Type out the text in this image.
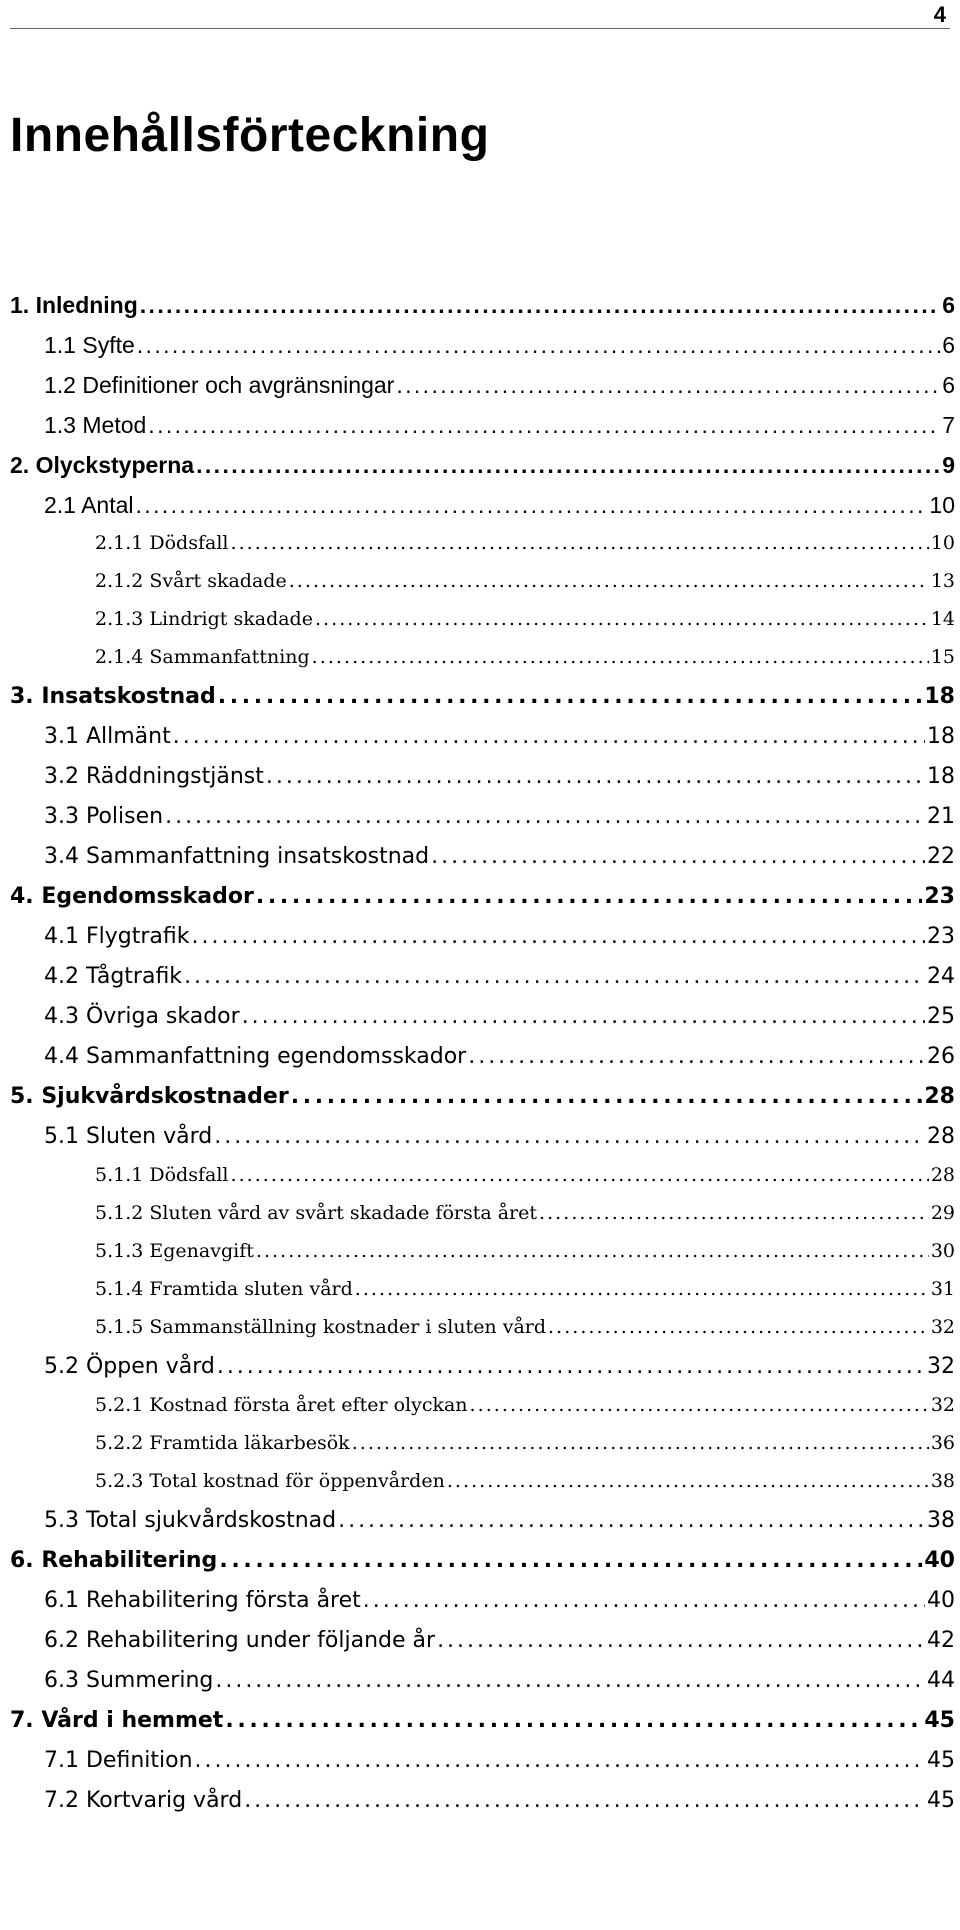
4
Innehållsförteckning
1. Inledning . . .	6
1.1 Syfte . . .	6
1.2 Definitioner och avgränsningar . . .	6
1.3 Metod . . .	7
2. Olyckstyperna . . .	9
2.1 Antal . . .	10
2.1.1 Dödsfall . . .	10
2.1.2 Svårt skadade . . .	13
2.1.3 Lindrigt skadade . . .	14
2.1.4 Sammanfattning . . .	15
3. Insatskostnad . . .	18
3.1 Allmänt . . .	18
3.2 Räddningstjänst . . .	18
3.3 Polisen . . .	21
3.4 Sammanfattning insatskostnad . . .	22
4. Egendomsskador . . .	23
4.1 Flygtrafik . . .	23
4.2 Tågtrafik . . .	24
4.3 Övriga skador . . .	25
4.4 Sammanfattning egendomsskador . . .	26
5. Sjukvårdskostnader . . .	28
5.1 Sluten vård . . .	28
5.1.1 Dödsfall . . .	28
5.1.2 Sluten vård av svårt skadade första året . . .	29
5.1.3 Egenavgift . . .	30
5.1.4 Framtida sluten vård . . .	31
5.1.5 Sammanställning kostnader i sluten vård . . .	32
5.2 Öppen vård . . .	32
5.2.1 Kostnad första året efter olyckan . . .	32
5.2.2 Framtida läkarbesök . . .	36
5.2.3 Total kostnad för öppenvården . . .	38
5.3 Total sjukvårdskostnad . . .	38
6. Rehabilitering . . .	40
6.1 Rehabilitering första året . . .	40
6.2 Rehabilitering under följande år . . .	42
6.3 Summering . . .	44
7. Vård i hemmet . . .	45
7.1 Definition . . .	45
7.2 Kortvarig vård . . .	45
